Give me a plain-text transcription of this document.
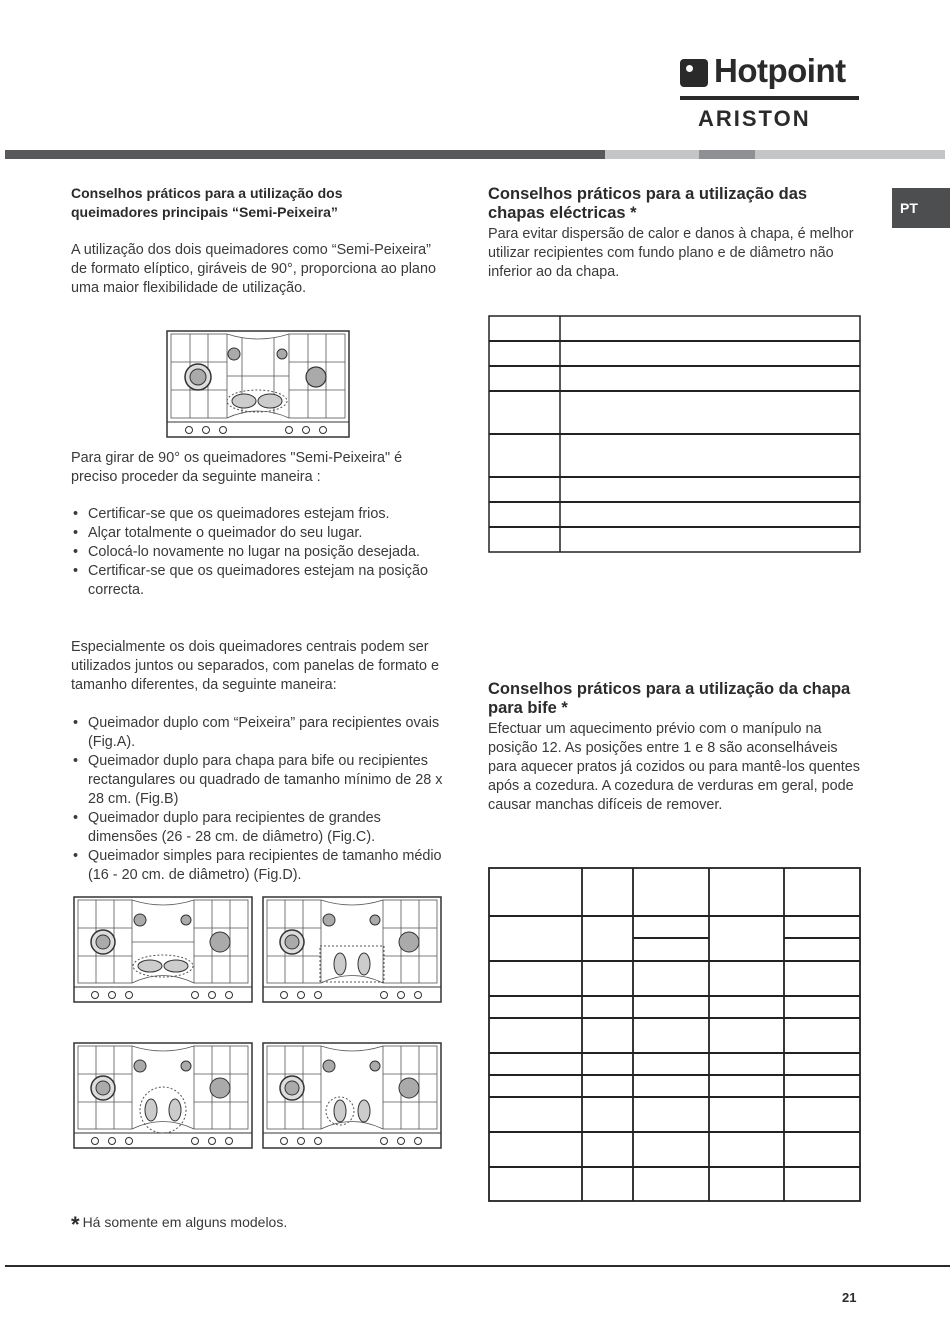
Hotpoint
ARISTON
PT
Conselhos práticos para a utilização dos queimadores principais “Semi-Peixeira”
A utilização dos dois queimadores como “Semi-Peixeira” de formato elíptico, giráveis de 90°, proporciona ao plano uma maior flexibilidade de utilização.
Para girar de 90° os queimadores "Semi-Peixeira" é preciso proceder da seguinte maneira :
• Certificar-se que os queimadores estejam frios.
• Alçar totalmente o queimador do seu lugar.
• Colocá-lo novamente no lugar na posição desejada.
• Certificar-se que os queimadores estejam na posição correcta.
Especialmente os dois queimadores centrais podem ser utilizados juntos ou separados, com panelas de formato e tamanho diferentes, da seguinte maneira:
• Queimador duplo com “Peixeira” para recipientes ovais (Fig.A).
• Queimador duplo para chapa para bife ou recipientes rectangulares ou quadrado de tamanho mínimo de 28 x 28 cm. (Fig.B)
• Queimador duplo para recipientes de grandes dimensões (26 - 28 cm. de diâmetro) (Fig.C).
• Queimador simples para recipientes de tamanho médio (16 - 20 cm. de diâmetro) (Fig.D).
* Há somente em alguns modelos.
Conselhos práticos para a utilização das chapas eléctricas *
Para evitar dispersão de calor e danos à chapa, é melhor utilizar recipientes com fundo plano e de diâmetro não inferior ao da chapa.
Conselhos práticos para a utilização da chapa para bife *
Efectuar um aquecimento prévio com o manípulo na posição 12. As posições entre 1 e 8 são aconselháveis para aquecer pratos já cozidos ou para mantê-los quentes após a cozedura. A cozedura de verduras em geral, pode causar manchas difíceis de remover.
21
